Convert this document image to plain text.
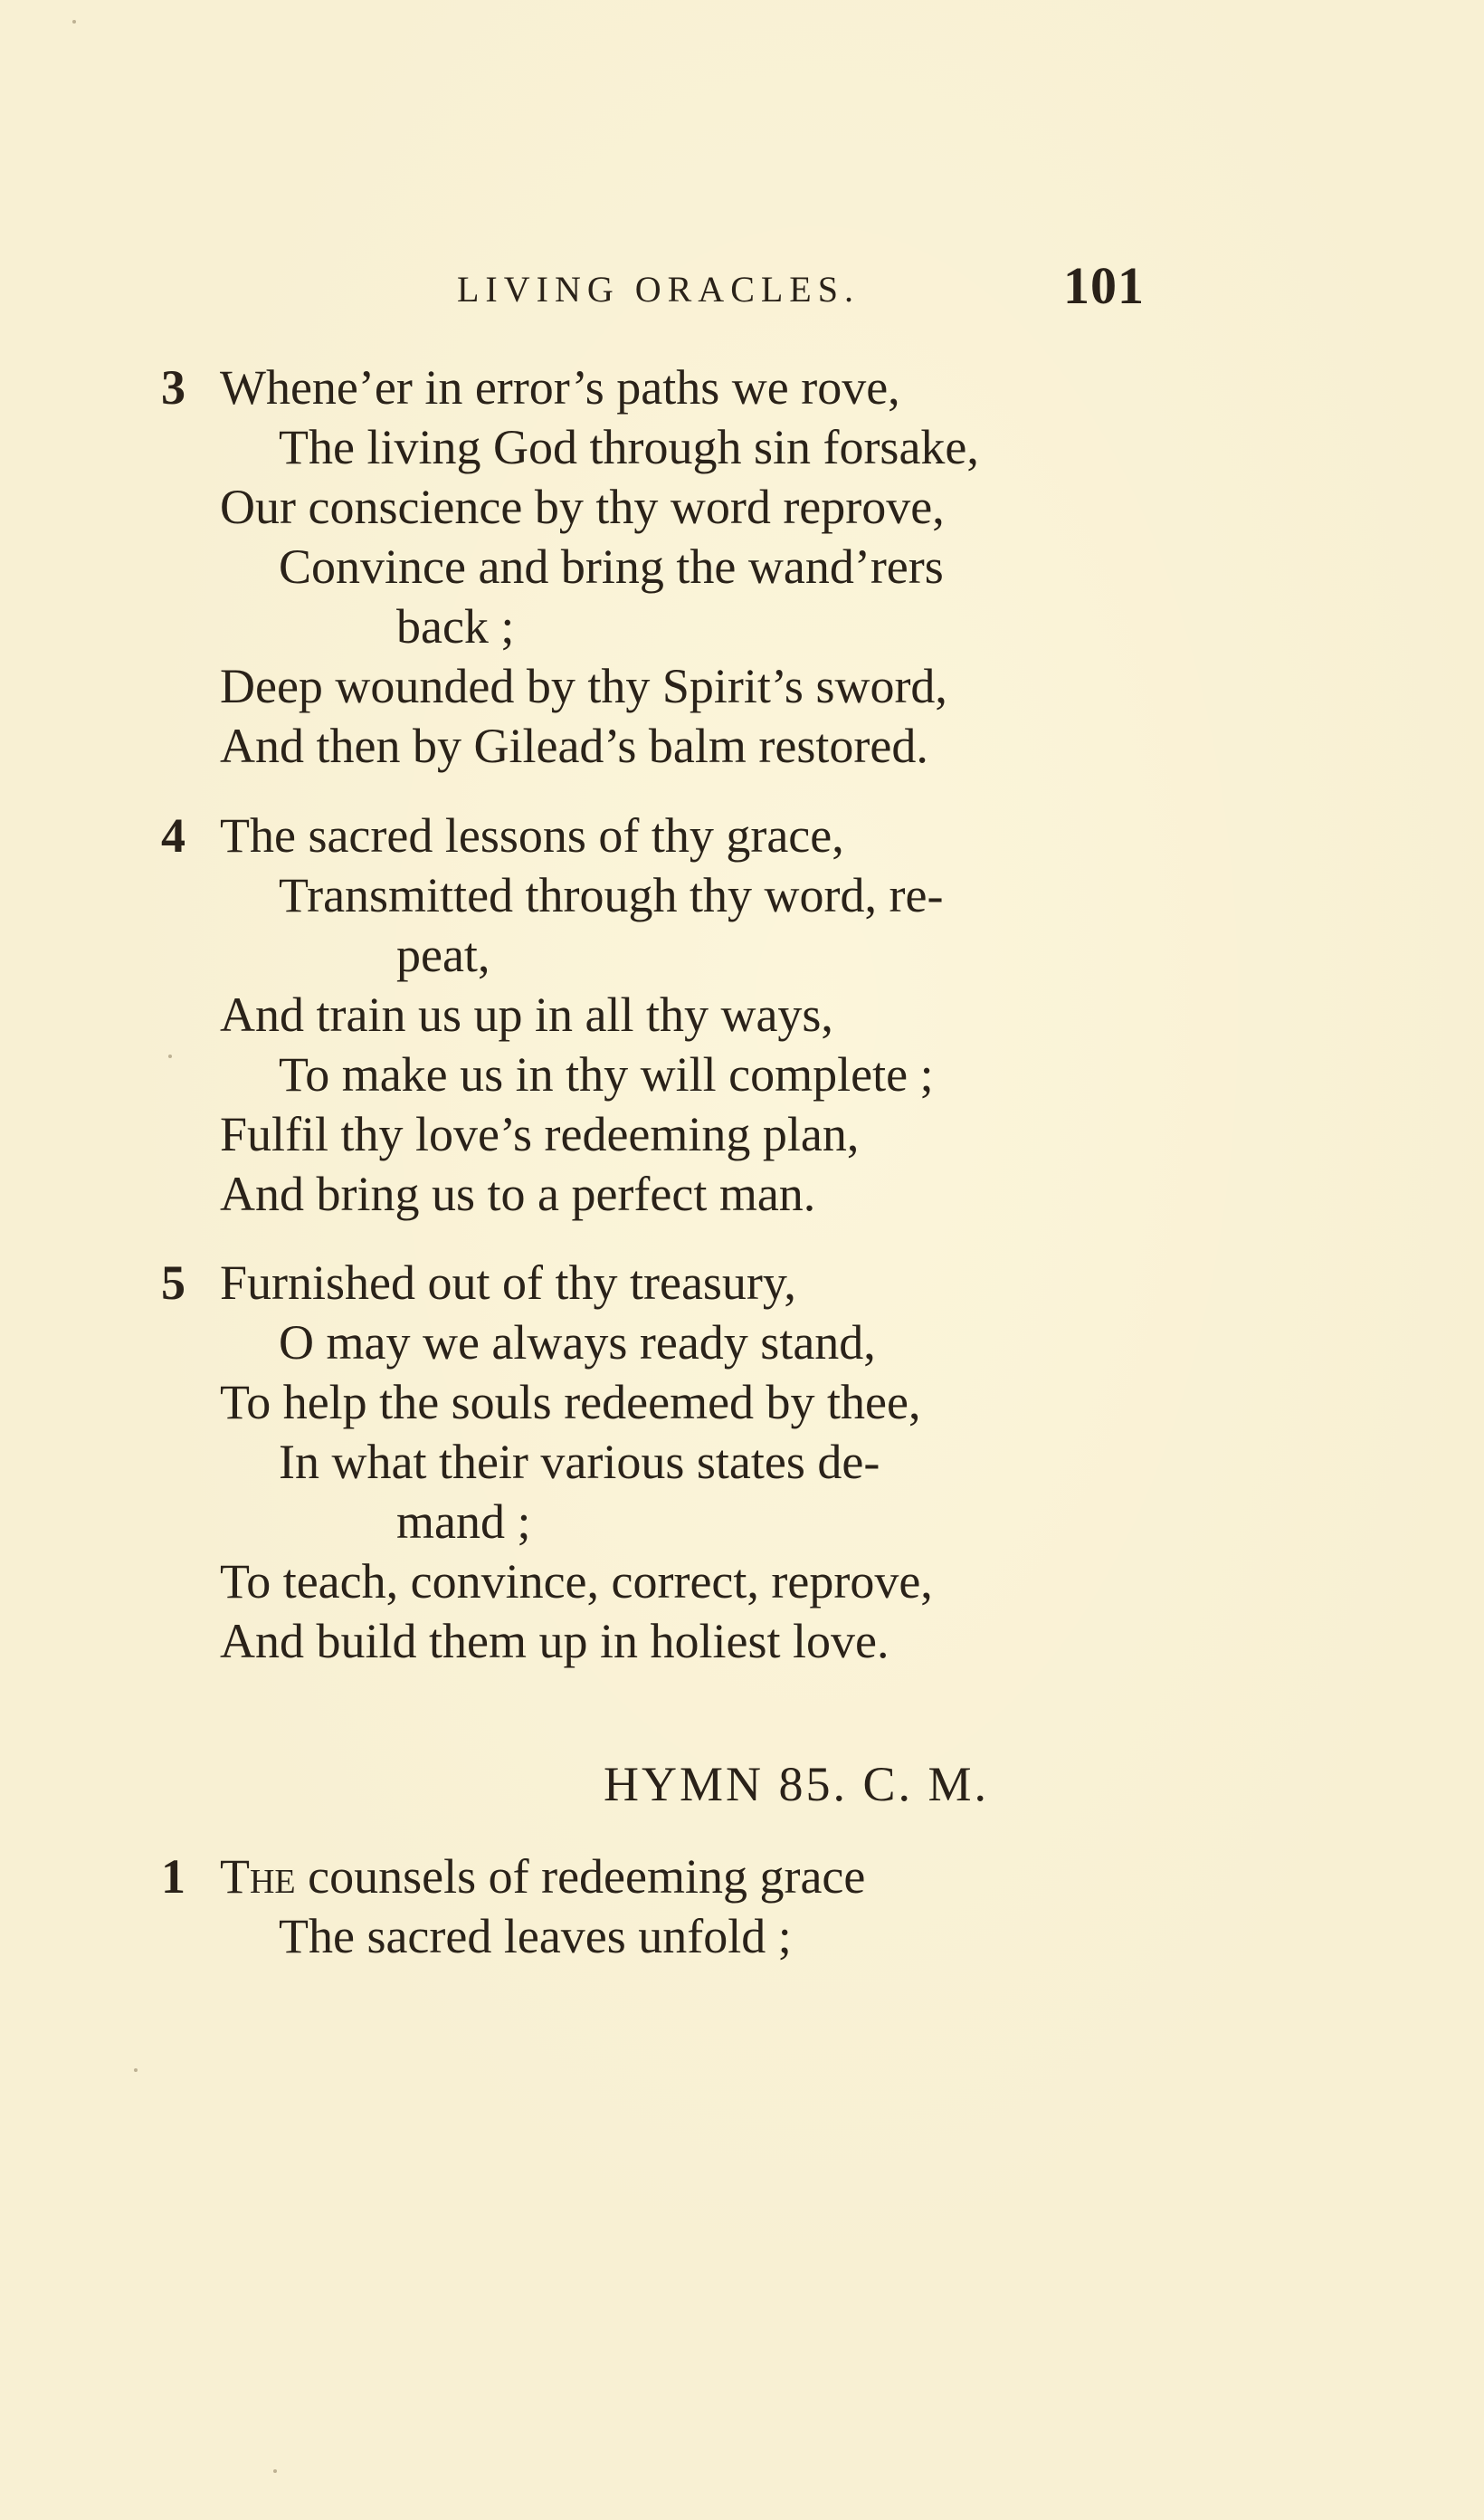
LIVING ORACLES.	101
3 Whene’er in error’s paths we rove,
The living God through sin forsake,
Our conscience by thy word reprove,
Convince and bring the wand’rers
back ;
Deep wounded by thy Spirit’s sword,
And then by Gilead’s balm restored.
4 The sacred lessons of thy grace,
Transmitted through thy word, re-
peat,
And train us up in all thy ways,
To make us in thy will complete ;
Fulfil thy love’s redeeming plan,
And bring us to a perfect man.
5 Furnished out of thy treasury,
O may we always ready stand,
To help the souls redeemed by thee,
In what their various states de-
mand ;
To teach, convince, correct, reprove,
And build them up in holiest love.
HYMN 85. C. M.
1 The counsels of redeeming grace
The sacred leaves unfold ;
